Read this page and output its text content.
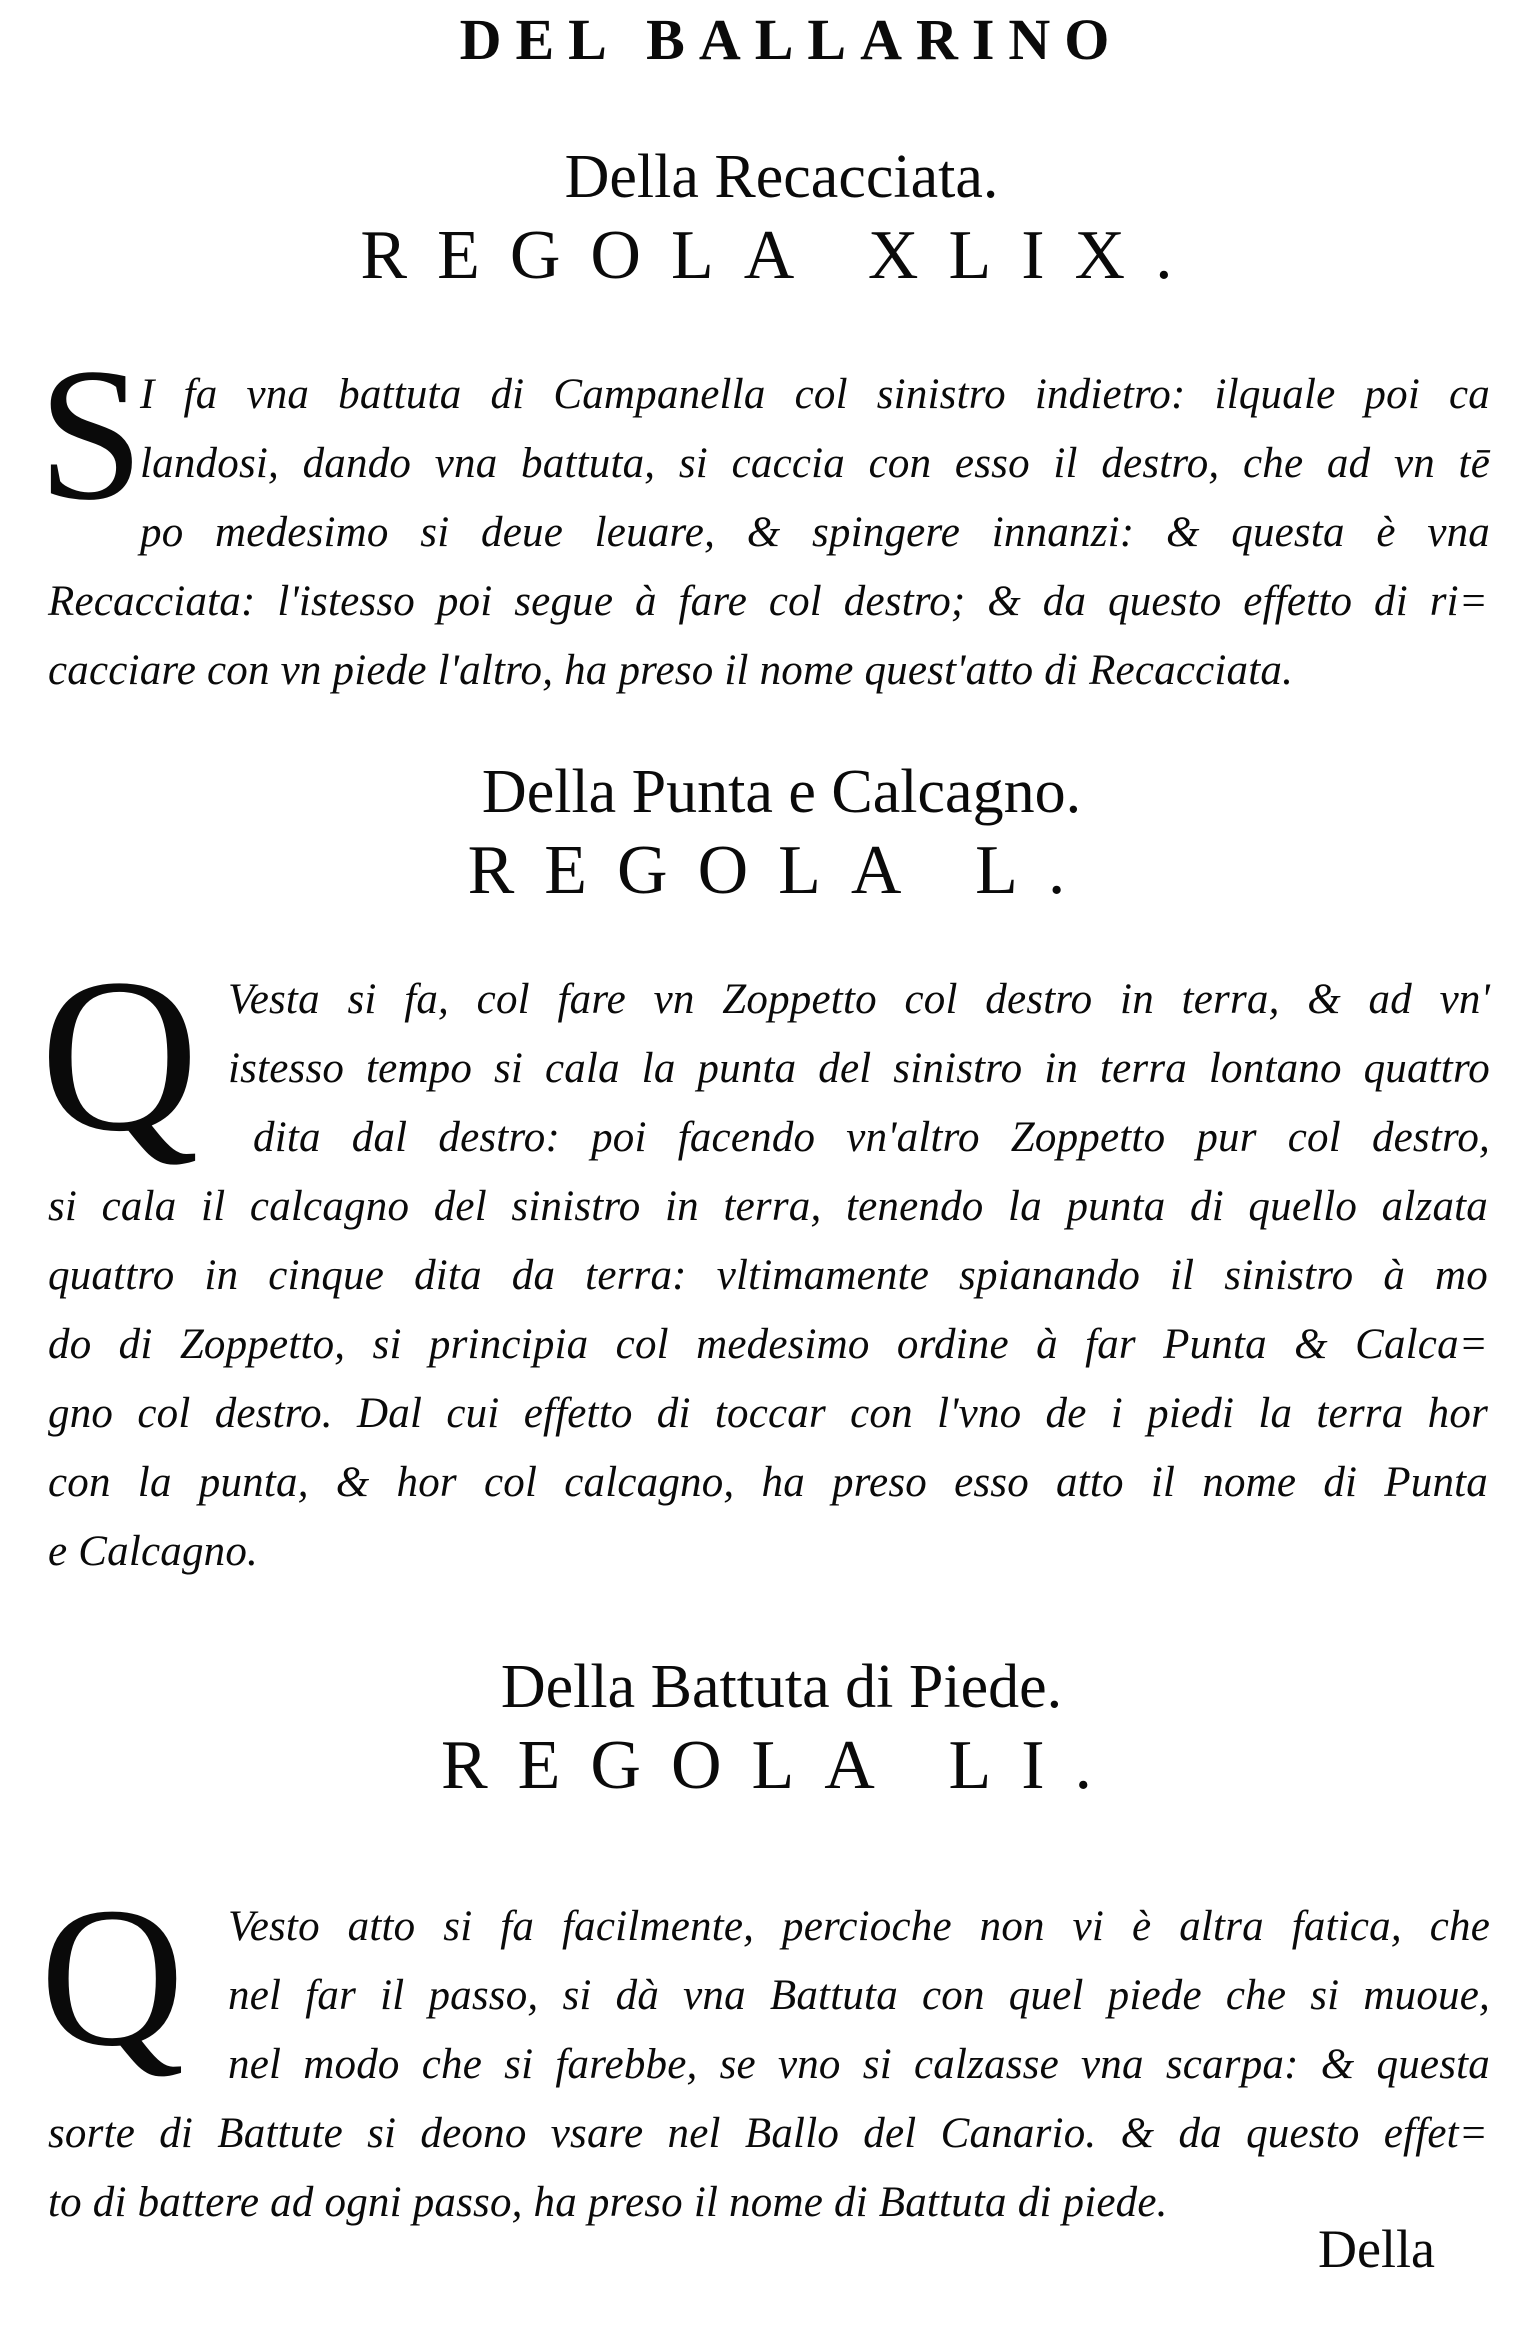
DEL BALLARINO
Della Recacciata.
REGOLA XLIX.
S
I fa vna battuta di Campanella col sinistro indietro: ilquale poi ca
landosi, dando vna battuta, si caccia con esso il destro, che ad vn tē
po medesimo si deue leuare, & spingere innanzi: & questa è vna
Recacciata: l'istesso poi segue à fare col destro; & da questo effetto di ri=
cacciare con vn piede l'altro, ha preso il nome quest'atto di Recacciata.
Della Punta e Calcagno.
REGOLA L.
Q Vesta si fa, col fare vn Zoppetto col destro in terra, & ad vn'
istesso tempo si cala la punta del sinistro in terra lontano quattro
dita dal destro: poi facendo vn'altro Zoppetto pur col destro,
si cala il calcagno del sinistro in terra, tenendo la punta di quello alzata
quattro in cinque dita da terra: vltimamente spianando il sinistro à mo
do di Zoppetto, si principia col medesimo ordine à far Punta & Calca=
gno col destro. Dal cui effetto di toccar con l'vno de i piedi la terra hor
con la punta, & hor col calcagno, ha preso esso atto il nome di Punta
e Calcagno.
Della Battuta di Piede.
REGOLA LI.
Q Vesto atto si fa facilmente, percioche non vi è altra fatica, che
nel far il passo, si dà vna Battuta con quel piede che si muoue,
nel modo che si farebbe, se vno si calzasse vna scarpa: & questa
sorte di Battute si deono vsare nel Ballo del Canario. & da questo effet=
to di battere ad ogni passo, ha preso il nome di Battuta di piede.
Della
